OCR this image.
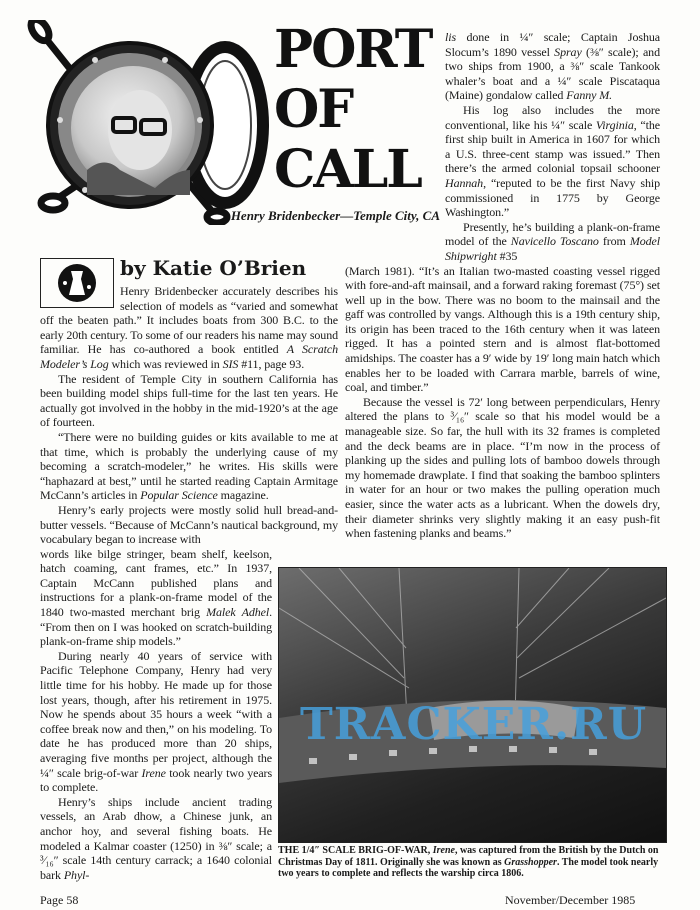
PORT
OF
CALL
Henry Bridenbecker—Temple City, CA

lis done in ¼″ scale; Captain Joshua Slocum’s 1890 vessel Spray (⅜″ scale); and two ships from 1900, a ⅜″ scale Tankook whaler’s boat and a ¼″ scale Piscataqua (Maine) gondalow called Fanny M.

His log also includes the more conventional, like his ¼″ scale Virginia, “the first ship built in America in 1607 for which a U.S. three-cent stamp was issued.” Then there’s the armed colonial topsail schooner Hannah, “reputed to be the first Navy ship commissioned in 1775 by George Washington.”

Presently, he’s building a plank-on-frame model of the Navicello Toscano from Model Shipwright #35

(March 1981). “It’s an Italian two-masted coasting vessel rigged with fore-and-aft mainsail, and a forward raking foremast (75°) set well up in the bow. There was no boom to the mainsail and the gaff was controlled by vangs. Although this is a 19th century ship, its origin has been traced to the 16th century when it was lateen rigged. It has a pointed stern and is almost flat-bottomed amidships. The coaster has a 9′ wide by 19′ long main hatch which enables her to be loaded with Carrara marble, barrels of wine, coal, and timber.”

Because the vessel is 72′ long between perpendiculars, Henry altered the plans to ³⁄₁₆″ scale so that his model would be a manageable size. So far, the hull with its 32 frames is completed and the deck beams are in place. “I’m now in the process of planking up the sides and pulling lots of bamboo dowels through my homemade drawplate. I find that soaking the bamboo splinters in water for an hour or two makes the pulling operation much easier, since the water acts as a lubricant. When the dowels dry, their diameter shrinks very slightly making it an easy push-fit when fastening planks and beams.”

by Katie O’Brien

Henry Bridenbecker accurately describes his selection of models as “varied and somewhat off the beaten path.” It includes boats from 300 B.C. to the early 20th century. To some of our readers his name may sound familiar. He has co-authored a book entitled A Scratch Modeler’s Log which was reviewed in SIS #11, page 93.

The resident of Temple City in southern California has been building model ships full-time for the last ten years. He actually got involved in the hobby in the mid-1920’s at the age of fourteen.

“There were no building guides or kits available to me at that time, which is probably the underlying cause of my becoming a scratch-modeler,” he writes. His skills were “haphazard at best,” until he started reading Captain Armitage McCann’s articles in Popular Science magazine.

Henry’s early projects were mostly solid hull bread-and-butter vessels. “Because of McCann’s nautical background, my vocabulary began to increase with

words like bilge stringer, beam shelf, keelson, hatch coaming, cant frames, etc.” In 1937, Captain McCann published plans and instructions for a plank-on-frame model of the 1840 two-masted merchant brig Malek Adhel. “From then on I was hooked on scratch-building plank-on-frame ship models.”

During nearly 40 years of service with Pacific Telephone Company, Henry had very little time for his hobby. He made up for those lost years, though, after his retirement in 1975. Now he spends about 35 hours a week “with a coffee break now and then,” on his modeling. To date he has produced more than 20 ships, averaging five months per project, although the ¼″ scale brig-of-war Irene took nearly two years to complete.

Henry’s ships include ancient trading vessels, an Arab dhow, a Chinese junk, an anchor hoy, and several fishing boats. He modeled a Kalmar coaster (1250) in ⅜″ scale; a ³⁄₁₆″ scale 14th century carrack; a 1640 colonial bark Phyl-

THE 1/4″ SCALE BRIG-OF-WAR, Irene, was captured from the British by the Dutch on Christmas Day of 1811. Originally she was known as Grasshopper. The model took nearly two years to complete and reflects the warship circa 1806.
TRACKER.RU
Page 58	November/December 1985
